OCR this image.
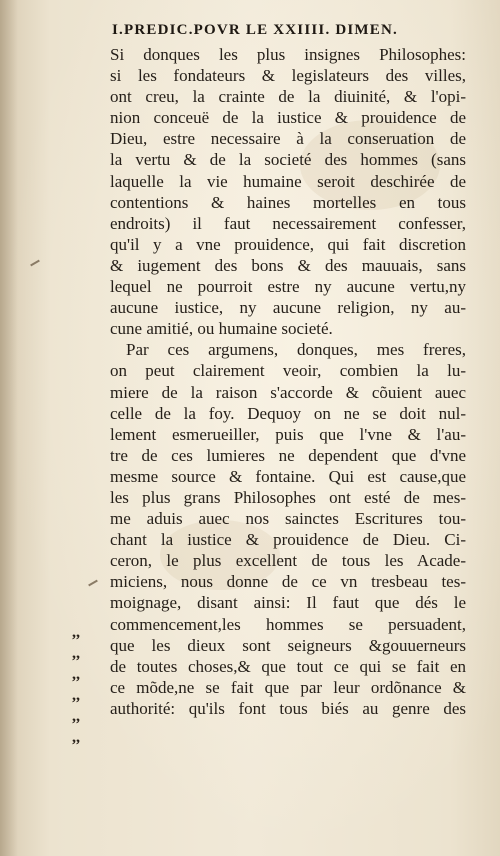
I.PREDIC.POVR LE XXIIII. DIMEN.
Si donques les plus insignes Philosophes:
si les fondateurs & legislateurs des villes,
ont creu, la crainte de la diuinité, & l'opi-
nion conceuë de la iustice & prouidence de
Dieu, estre necessaire à la conseruation de
la vertu & de la societé des hommes (sans
laquelle la vie humaine seroit deschirée de
contentions & haines mortelles en tous
endroits) il faut necessairement confesser,
qu'il y a vne prouidence, qui fait discretion
& iugement des bons & des mauuais, sans
lequel ne pourroit estre ny aucune vertu,ny
aucune iustice, ny aucune religion, ny au-
cune amitié, ou humaine societé.
Par ces argumens, donques, mes freres,
on peut clairement veoir, combien la lu-
miere de la raison s'accorde & cõuient auec
celle de la foy. Dequoy on ne se doit nul-
lement esmerueiller, puis que l'vne & l'au-
tre de ces lumieres ne dependent que d'vne
mesme source & fontaine. Qui est cause,que
les plus grans Philosophes ont esté de mes-
me aduis auec nos sainctes Escritures tou-
chant la iustice & prouidence de Dieu. Ci-
ceron, le plus excellent de tous les Acade-
miciens, nous donne de ce vn tresbeau tes-
moignage, disant ainsi: Il faut que dés le
commencement,les hommes se persuadent,
que les dieux sont seigneurs &gouuerneurs
de toutes choses,& que tout ce qui se fait en
ce mõde,ne se fait que par leur ordõnance &
authorité: qu'ils font tous biés au genre des
,,
,,
,,
,,
,,
,,
